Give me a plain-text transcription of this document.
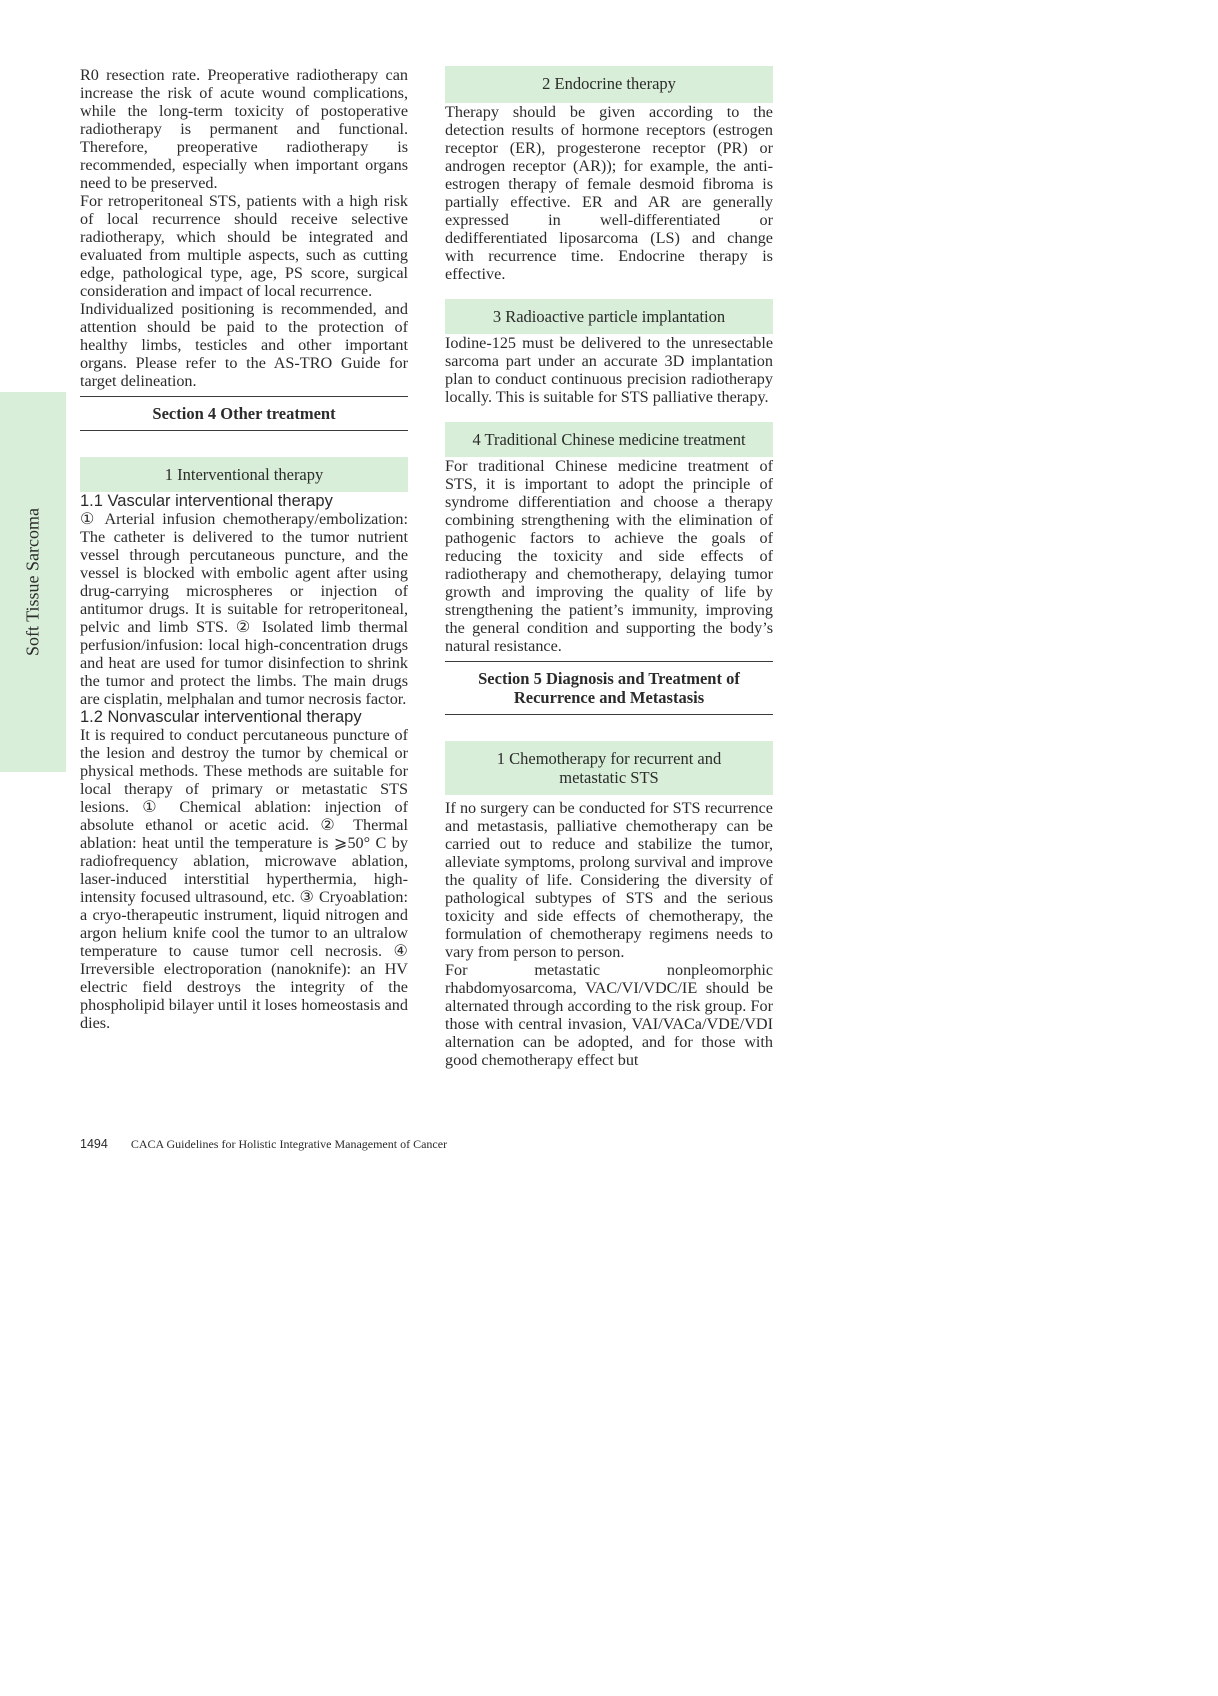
Soft Tissue Sarcoma

R0 resection rate. Preoperative radiotherapy can increase the risk of acute wound complications, while the long-term toxicity of postoperative radiotherapy is permanent and functional. Therefore, preoperative radiotherapy is recommended, especially when important organs need to be preserved.

For retroperitoneal STS, patients with a high risk of local recurrence should receive selective radiotherapy, which should be integrated and evaluated from multiple aspects, such as cutting edge, pathological type, age, PS score, surgical consideration and impact of local recurrence.

Individualized positioning is recommended, and attention should be paid to the protection of healthy limbs, testicles and other important organs. Please refer to the AS-TRO Guide for target delineation.

Section 4 Other treatment
1 Interventional therapy

1.1 Vascular interventional therapy

① Arterial infusion chemotherapy/embolization: The catheter is delivered to the tumor nutrient vessel through percutaneous puncture, and the vessel is blocked with embolic agent after using drug-carrying microspheres or injection of antitumor drugs. It is suitable for retroperitoneal, pelvic and limb STS. ② Isolated limb thermal perfusion/infusion: local high-concentration drugs and heat are used for tumor disinfection to shrink the tumor and protect the limbs. The main drugs are cisplatin, melphalan and tumor necrosis factor.

1.2 Nonvascular interventional therapy

It is required to conduct percutaneous puncture of the lesion and destroy the tumor by chemical or physical methods. These methods are suitable for local therapy of primary or metastatic STS lesions. ① Chemical ablation: injection of absolute ethanol or acetic acid. ② Thermal ablation: heat until the temperature is ⩾50° C by radiofrequency ablation, microwave ablation, laser-induced interstitial hyperthermia, high-intensity focused ultrasound, etc. ③ Cryoablation: a cryo-therapeutic instrument, liquid nitrogen and argon helium knife cool the tumor to an ultralow temperature to cause tumor cell necrosis. ④ Irreversible electroporation (nanoknife): an HV electric field destroys the integrity of the phospholipid bilayer until it loses homeostasis and dies.

2 Endocrine therapy

Therapy should be given according to the detection results of hormone receptors (estrogen receptor (ER), progesterone receptor (PR) or androgen receptor (AR)); for example, the anti-estrogen therapy of female desmoid fibroma is partially effective. ER and AR are generally expressed in well-differentiated or dedifferentiated liposarcoma (LS) and change with recurrence time. Endocrine therapy is effective.

3 Radioactive particle implantation

Iodine-125 must be delivered to the unresectable sarcoma part under an accurate 3D implantation plan to conduct continuous precision radiotherapy locally. This is suitable for STS palliative therapy.

4 Traditional Chinese medicine treatment

For traditional Chinese medicine treatment of STS, it is important to adopt the principle of syndrome differentiation and choose a therapy combining strengthening with the elimination of pathogenic factors to achieve the goals of reducing the toxicity and side effects of radiotherapy and chemotherapy, delaying tumor growth and improving the quality of life by strengthening the patient’s immunity, improving the general condition and supporting the body’s natural resistance.

Section 5 Diagnosis and Treatment of
Recurrence and Metastasis
1 Chemotherapy for recurrent and
metastatic STS

If no surgery can be conducted for STS recurrence and metastasis, palliative chemotherapy can be carried out to reduce and stabilize the tumor, alleviate symptoms, prolong survival and improve the quality of life. Considering the diversity of pathological subtypes of STS and the serious toxicity and side effects of chemotherapy, the formulation of chemotherapy regimens needs to vary from person to person.

For metastatic nonpleomorphic rhabdomyosarcoma, VAC/VI/VDC/IE should be alternated through according to the risk group. For those with central invasion, VAI/VACa/VDE/VDI alternation can be adopted, and for those with good chemotherapy effect but

1494 CACA Guidelines for Holistic Integrative Management of Cancer
